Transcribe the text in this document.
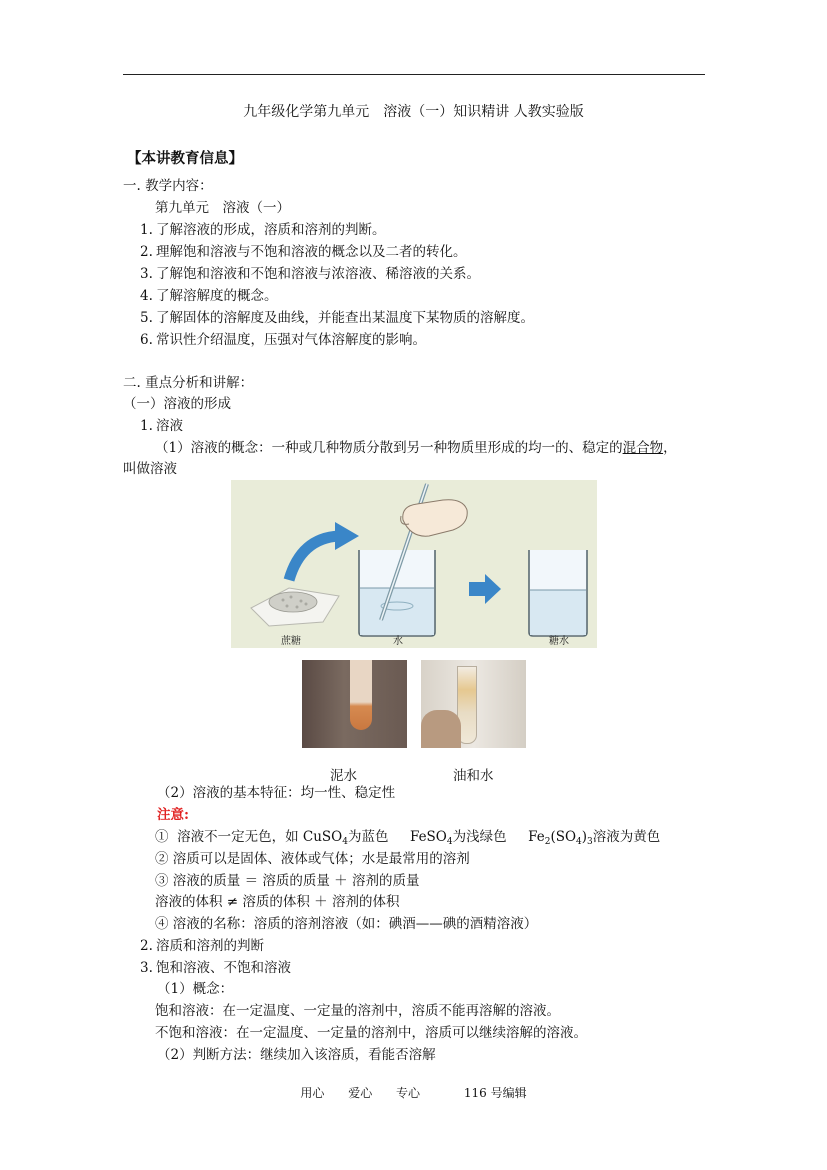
九年级化学第九单元　溶液（一）知识精讲 人教实验版
【本讲教育信息】
一. 教学内容：
第九单元　溶液（一）
1. 了解溶液的形成，溶质和溶剂的判断。
2. 理解饱和溶液与不饱和溶液的概念以及二者的转化。
3. 了解饱和溶液和不饱和溶液与浓溶液、稀溶液的关系。
4. 了解溶解度的概念。
5. 了解固体的溶解度及曲线，并能查出某温度下某物质的溶解度。
6. 常识性介绍温度，压强对气体溶解度的影响。
二. 重点分析和讲解：
（一）溶液的形成
1. 溶液
（1）溶液的概念：一种或几种物质分散到另一种物质里形成的均一的、稳定的混合物，
叫做溶液
蔗糖	水	糖水
泥水	油和水
（2）溶液的基本特征：均一性、稳定性
注意:
① 溶液不一定无色，如 CuSO$_4$为蓝色 FeSO$_4$为浅绿色 $Fe_2(SO_4)_3$溶液为黄色
② 溶质可以是固体、液体或气体；水是最常用的溶剂
③ 溶液的质量 ＝ 溶质的质量 ＋ 溶剂的质量
溶液的体积 ≠ 溶质的体积 ＋ 溶剂的体积
④ 溶液的名称：溶质的溶剂溶液（如：碘酒——碘的酒精溶液）
2. 溶质和溶剂的判断
3. 饱和溶液、不饱和溶液
（1）概念：
饱和溶液：在一定温度、一定量的溶剂中，溶质不能再溶解的溶液。
不饱和溶液：在一定温度、一定量的溶剂中，溶质可以继续溶解的溶液。
（2）判断方法：继续加入该溶质，看能否溶解
用心 爱心 专心	116 号编辑
